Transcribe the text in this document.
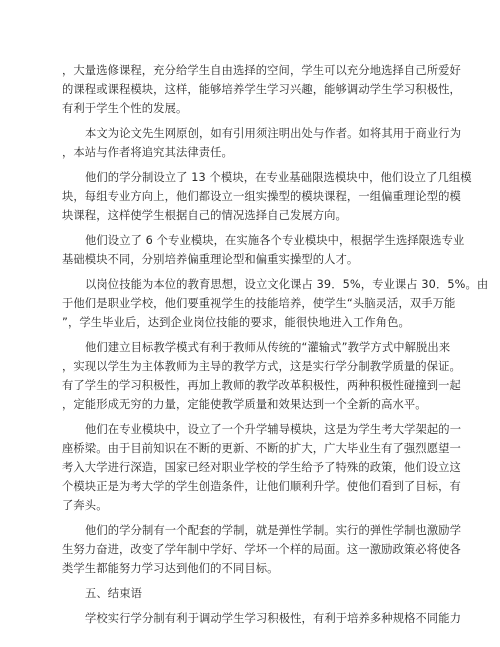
，大量选修课程，充分给学生自由选择的空间，学生可以充分地选择自己所爱好
的课程或课程模块，这样，能够培养学生学习兴趣，能够调动学生学习积极性，
有利于学生个性的发展。
本文为论文先生网原创，如有引用须注明出处与作者。如将其用于商业行为
，本站与作者将追究其法律责任。
他们的学分制设立了 13 个模块，在专业基础限选模块中，他们设立了几组模
块，每组专业方向上，他们都设立一组实操型的模块课程，一组偏重理论型的模
块课程，这样使学生根据自己的情况选择自己发展方向。
他们设立了 6 个专业模块，在实施各个专业模块中，根据学生选择限选专业
基础模块不同，分别培养偏重理论型和偏重实操型的人才。
以岗位技能为本位的教育思想，设立文化课占 39．5%，专业课占 30．5%。由
于他们是职业学校，他们要重视学生的技能培养，使学生“头脑灵活，双手万能
”，学生毕业后，达到企业岗位技能的要求，能很快地进入工作角色。
他们建立目标教学模式有利于教师从传统的“灌输式”教学方式中解脱出来
，实现以学生为主体教师为主导的教学方式，这是实行学分制教学质量的保证。
有了学生的学习积极性，再加上教师的教学改革积极性，两种积极性碰撞到一起
，定能形成无穷的力量，定能使教学质量和效果达到一个全新的高水平。
他们在专业模块中，设立了一个升学辅导模块，这是为学生考大学架起的一
座桥梁。由于目前知识在不断的更新、不断的扩大，广大毕业生有了强烈愿望一
考入大学进行深造，国家已经对职业学校的学生给予了特殊的政策，他们设立这
个模块正是为考大学的学生创造条件，让他们顺利升学。使他们看到了目标，有
了奔头。
他们的学分制有一个配套的学制，就是弹性学制。实行的弹性学制也激励学
生努力奋进，改变了学年制中学好、学坏一个样的局面。这一激励政策必将使各
类学生都能努力学习达到他们的不同目标。
五、结束语
学校实行学分制有利于调动学生学习积极性，有利于培养多种规格不同能力
